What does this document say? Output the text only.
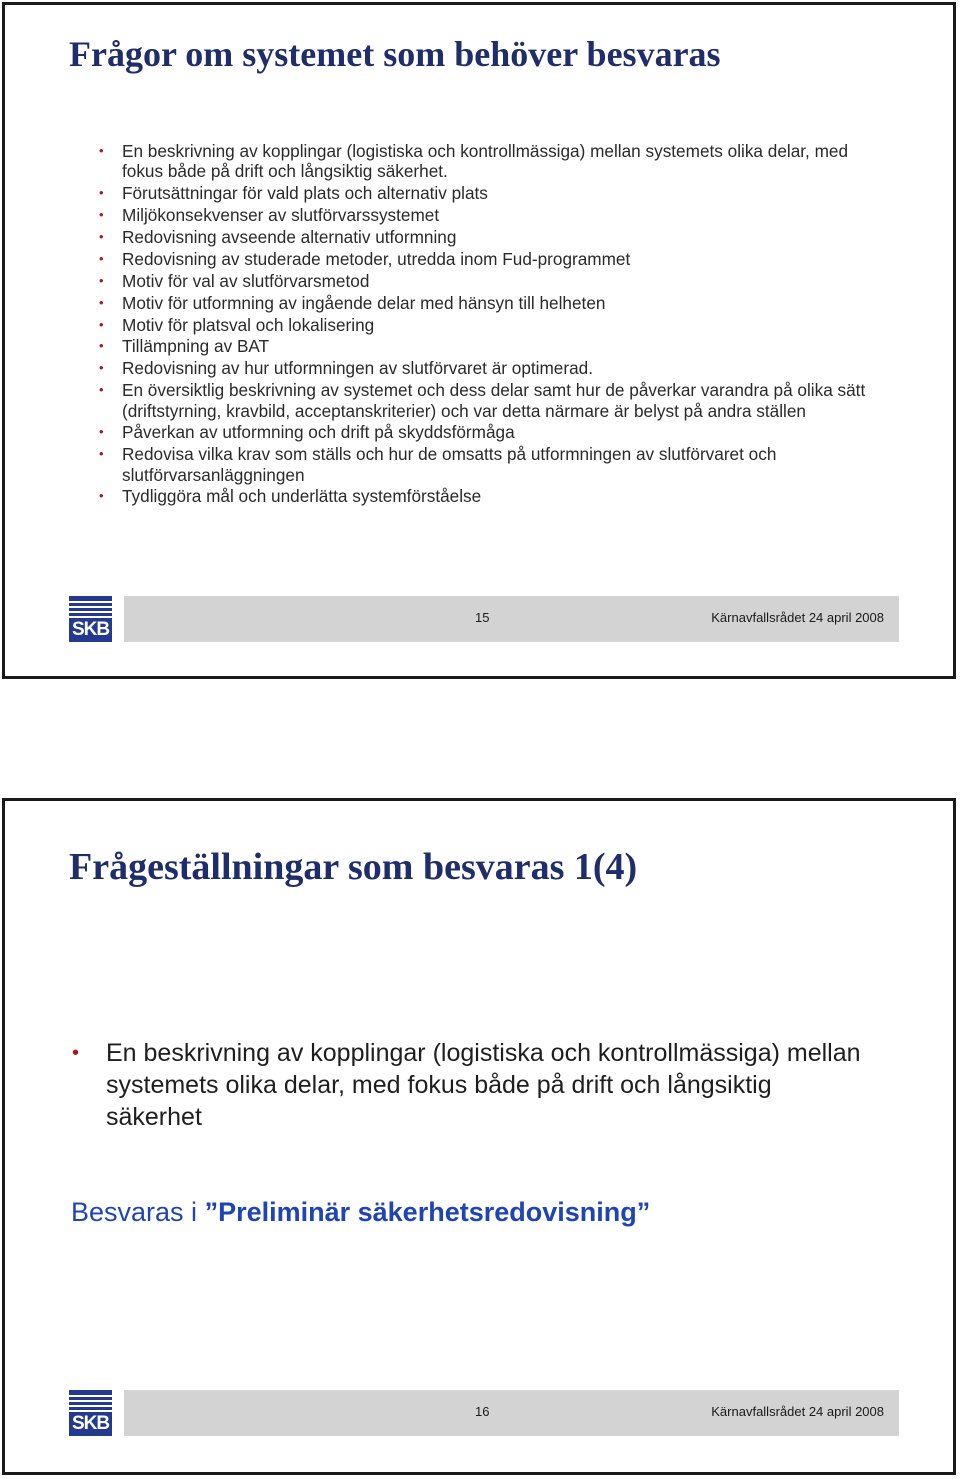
Frågor om systemet som behöver besvaras
• En beskrivning av kopplingar (logistiska och kontrollmässiga) mellan systemets olika delar, med fokus både på drift och långsiktig säkerhet.
• Förutsättningar för vald plats och alternativ plats
• Miljökonsekvenser av slutförvarssystemet
• Redovisning avseende alternativ utformning
• Redovisning av studerade metoder, utredda inom Fud-programmet
• Motiv för val av slutförvarsmetod
• Motiv för utformning av ingående delar med hänsyn till helheten
• Motiv för platsval och lokalisering
• Tillämpning av BAT
• Redovisning av hur utformningen av slutförvaret är optimerad.
• En översiktlig beskrivning av systemet och dess delar samt hur de påverkar varandra på olika sätt (driftstyrning, kravbild, acceptanskriterier) och var detta närmare är belyst på andra ställen
• Påverkan av utformning och drift på skyddsförmåga
• Redovisa vilka krav som ställs och hur de omsatts på utformningen av slutförvaret och slutförvarsanläggningen
• Tydliggöra mål och underlätta systemförståelse
SKB
15	Kärnavfallsrådet 24 april 2008
Frågeställningar som besvaras 1(4)
• En beskrivning av kopplingar (logistiska och kontrollmässiga) mellan systemets olika delar, med fokus både på drift och långsiktig säkerhet

Besvaras i ”Preliminär säkerhetsredovisning”

SKB
16	Kärnavfallsrådet 24 april 2008
